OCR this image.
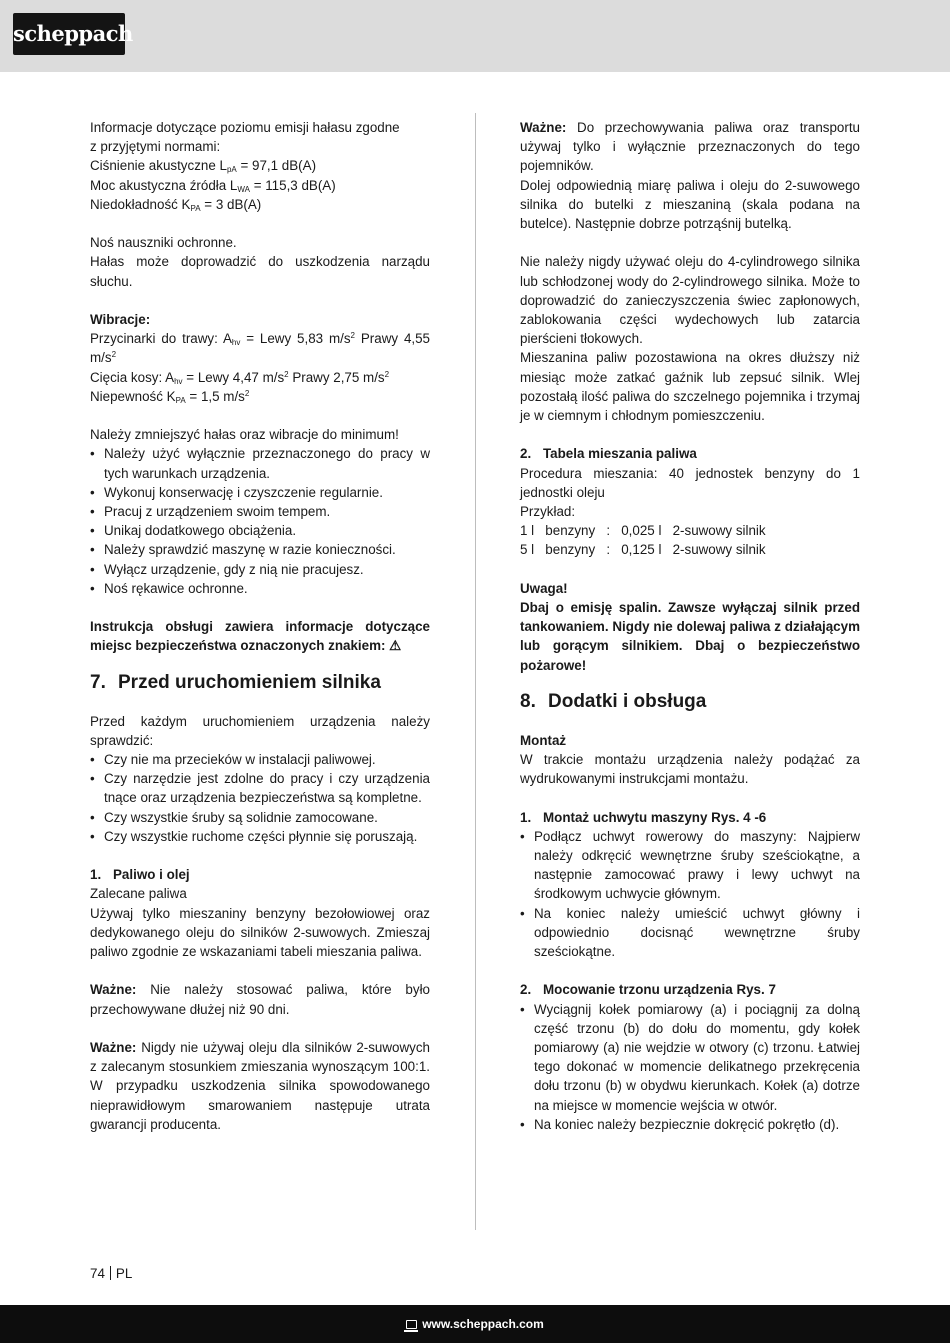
scheppach

Informacje dotyczące poziomu emisji hałasu zgodne
z przyjętymi normami:

Ciśnienie akustyczne $L_{pA} = 97,1$ dB(A)
Moc akustyczna źródła $L_{WA} = 115,3$ dB(A)
Niedokładność $K_{PA} = 3$ dB(A)

Noś nauszniki ochronne.

Hałas może doprowadzić do uszkodzenia narządu słuchu.

Wibracje:

Przycinarki do trawy: $A_{hv}$ = Lewy 5,83 $m/s^2$ Prawy 4,55 $m/s^2$

Cięcia kosy: $A_{hv}$ = Lewy 4,47 $m/s^2$ Prawy 2,75 $m/s^2$

Niepewność $K_{PA} = 1,5$ $m/s^2$

Należy zmniejszyć hałas oraz wibracje do minimum!

• Należy użyć wyłącznie przeznaczonego do pracy w tych warunkach urządzenia.
• Wykonuj konserwację i czyszczenie regularnie.
• Pracuj z urządzeniem swoim tempem.
• Unikaj dodatkowego obciążenia.
• Należy sprawdzić maszynę w razie konieczności.
• Wyłącz urządzenie, gdy z nią nie pracujesz.
• Noś rękawice ochronne.

Instrukcja obsługi zawiera informacje dotyczące miejsc bezpieczeństwa oznaczonych znakiem: ⚠

7. Przed uruchomieniem silnika

Przed każdym uruchomieniem urządzenia należy sprawdzić:

• Czy nie ma przecieków w instalacji paliwowej.
• Czy narzędzie jest zdolne do pracy i czy urządzenia tnące oraz urządzenia bezpieczeństwa są kompletne.
• Czy wszystkie śruby są solidnie zamocowane.
• Czy wszystkie ruchome części płynnie się poruszają.
1. Paliwo i olej

Zalecane paliwa

Używaj tylko mieszaniny benzyny bezołowiowej oraz dedykowanego oleju do silników 2-suwowych. Zmieszaj paliwo zgodnie ze wskazaniami tabeli mieszania paliwa.

Ważne: Nie należy stosować paliwa, które było przechowywane dłużej niż 90 dni.

Ważne: Nigdy nie używaj oleju dla silników 2-suwowych z zalecanym stosunkiem zmieszania wynoszącym 100:1. W przypadku uszkodzenia silnika spowodowanego nieprawidłowym smarowaniem następuje utrata gwarancji producenta.

Ważne: Do przechowywania paliwa oraz transportu używaj tylko i wyłącznie przeznaczonych do tego pojemników.

Dolej odpowiednią miarę paliwa i oleju do 2-suwowego silnika do butelki z mieszaniną (skala podana na butelce). Następnie dobrze potrząśnij butelką.

Nie należy nigdy używać oleju do 4-cylindrowego silnika lub schłodzonej wody do 2-cylindrowego silnika. Może to doprowadzić do zanieczyszczenia świec zapłonowych, zablokowania części wydechowych lub zatarcia pierścieni tłokowych.

Mieszanina paliw pozostawiona na okres dłuższy niż miesiąc może zatkać gaźnik lub zepsuć silnik. Wlej pozostałą ilość paliwa do szczelnego pojemnika i trzymaj je w ciemnym i chłodnym pomieszczeniu.

2. Tabela mieszania paliwa

Procedura mieszania: 40 jednostek benzyny do 1 jednostki oleju

Przykład:

1 l   benzyny   :   0,025 l   2-suwowy silnik
5 l   benzyny   :   0,125 l   2-suwowy silnik

Uwaga!

Dbaj o emisję spalin. Zawsze wyłączaj silnik przed tankowaniem. Nigdy nie dolewaj paliwa z działającym lub gorącym silnikiem. Dbaj o bezpieczeństwo pożarowe!

8. Dodatki i obsługa

Montaż

W trakcie montażu urządzenia należy podążać za wydrukowanymi instrukcjami montażu.

1. Montaż uchwytu maszyny Rys. 4 -6
• Podłącz uchwyt rowerowy do maszyny: Najpierw należy odkręcić wewnętrzne śruby sześciokątne, a następnie zamocować prawy i lewy uchwyt na środkowym uchwycie głównym.
• Na koniec należy umieścić uchwyt główny i odpowiednio docisnąć wewnętrzne śruby sześciokątne.
2. Mocowanie trzonu urządzenia Rys. 7
• Wyciągnij kołek pomiarowy (a) i pociągnij za dolną część trzonu (b) do dołu do momentu, gdy kołek pomiarowy (a) nie wejdzie w otwory (c) trzonu. Łatwiej tego dokonać w momencie delikatnego przekręcenia dołu trzonu (b) w obydwu kierunkach. Kołek (a) dotrze na miejsce w momencie wejścia w otwór.
• Na koniec należy bezpiecznie dokręcić pokrętło (d).
74 PL
www.scheppach.com
